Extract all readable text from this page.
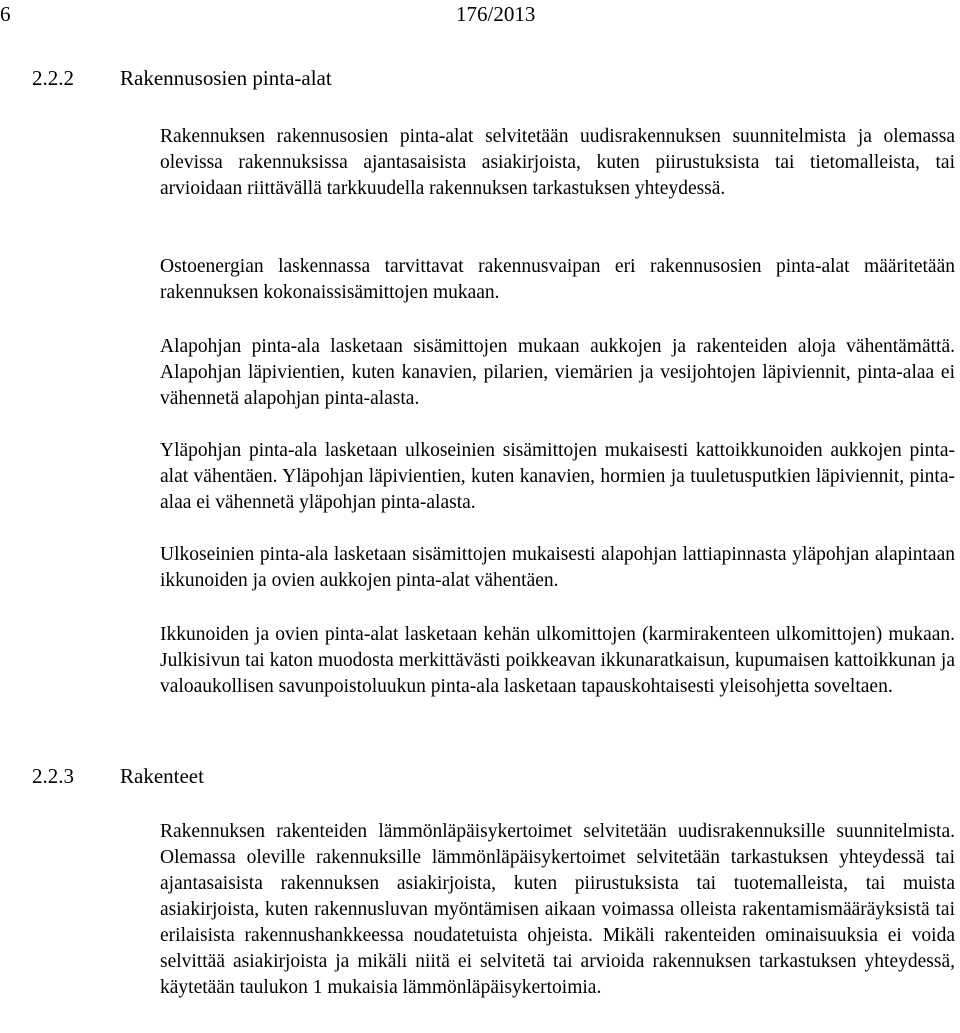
6	176/2013
2.2.2 Rakennusosien pinta-alat

Rakennuksen rakennusosien pinta-alat selvitetään uudisrakennuksen suunnitelmista ja olemassa olevissa rakennuksissa ajantasaisista asiakirjoista, kuten piirustuksista tai tietomalleista, tai arvioidaan riittävällä tarkkuudella rakennuksen tarkastuksen yhteydessä.

Ostoenergian laskennassa tarvittavat rakennusvaipan eri rakennusosien pinta-alat määritetään rakennuksen kokonaissisämittojen mukaan.

Alapohjan pinta-ala lasketaan sisämittojen mukaan aukkojen ja rakenteiden aloja vähentämättä. Alapohjan läpivientien, kuten kanavien, pilarien, viemärien ja vesijohtojen läpiviennit, pinta-alaa ei vähennetä alapohjan pinta-alasta.

Yläpohjan pinta-ala lasketaan ulkoseinien sisämittojen mukaisesti kattoikkunoiden aukkojen pinta-alat vähentäen. Yläpohjan läpivientien, kuten kanavien, hormien ja tuuletusputkien läpiviennit, pinta-alaa ei vähennetä yläpohjan pinta-alasta.

Ulkoseinien pinta-ala lasketaan sisämittojen mukaisesti alapohjan lattiapinnasta yläpohjan alapintaan ikkunoiden ja ovien aukkojen pinta-alat vähentäen.

Ikkunoiden ja ovien pinta-alat lasketaan kehän ulkomittojen (karmirakenteen ulkomittojen) mukaan. Julkisivun tai katon muodosta merkittävästi poikkeavan ikkunaratkaisun, kupumaisen kattoikkunan ja valoaukollisen savunpoistoluukun pinta-ala lasketaan tapauskohtaisesti yleisohjetta soveltaen.

2.2.3 Rakenteet

Rakennuksen rakenteiden lämmönläpäisykertoimet selvitetään uudisrakennuksille suunnitelmista. Olemassa oleville rakennuksille lämmönläpäisykertoimet selvitetään tarkastuksen yhteydessä tai ajantasaisista rakennuksen asiakirjoista, kuten piirustuksista tai tuotemalleista, tai muista asiakirjoista, kuten rakennusluvan myöntämisen aikaan voimassa olleista rakentamismääräyksistä tai erilaisista rakennushankkeessa noudatetuista ohjeista. Mikäli rakenteiden ominaisuuksia ei voida selvittää asiakirjoista ja mikäli niitä ei selvitetä tai arvioida rakennuksen tarkastuksen yhteydessä, käytetään taulukon 1 mukaisia lämmönläpäisykertoimia.
